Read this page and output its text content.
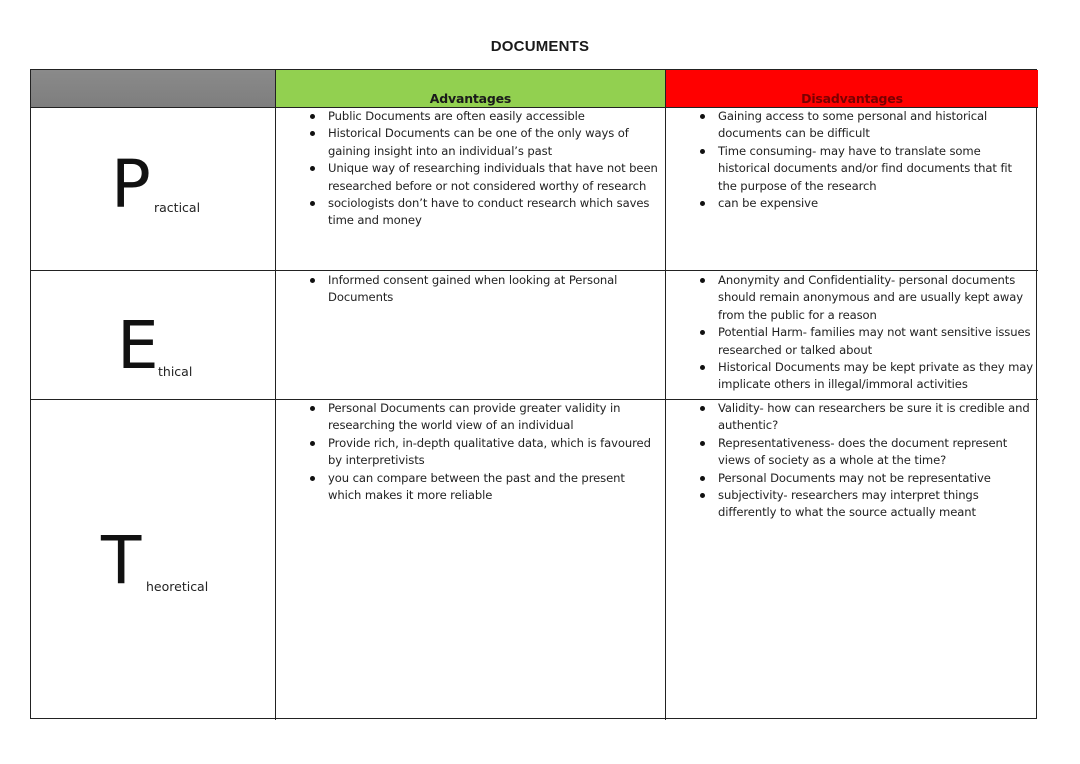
DOCUMENTS
Advantages	Disadvantages
P ractical
Public Documents are often easily accessible
Historical Documents can be one of the only ways of gaining insight into an individual’s past
Unique way of researching individuals that have not been researched before or not considered worthy of research
sociologists don’t have to conduct research which saves time and money
Gaining access to some personal and historical documents can be difficult
Time consuming- may have to translate some historical documents and/or find documents that fit the purpose of the research
can be expensive
E thical
Informed consent gained when looking at Personal Documents
Anonymity and Confidentiality- personal documents should remain anonymous and are usually kept away from the public for a reason
Potential Harm- families may not want sensitive issues researched or talked about
Historical Documents may be kept private as they may implicate others in illegal/immoral activities
T heoretical
Personal Documents can provide greater validity in researching the world view of an individual
Provide rich, in-depth qualitative data, which is favoured by interpretivists
you can compare between the past and the present which makes it more reliable
Validity- how can researchers be sure it is credible and authentic?
Representativeness- does the document represent views of society as a whole at the time?
Personal Documents may not be representative
subjectivity- researchers may interpret things differently to what the source actually meant
